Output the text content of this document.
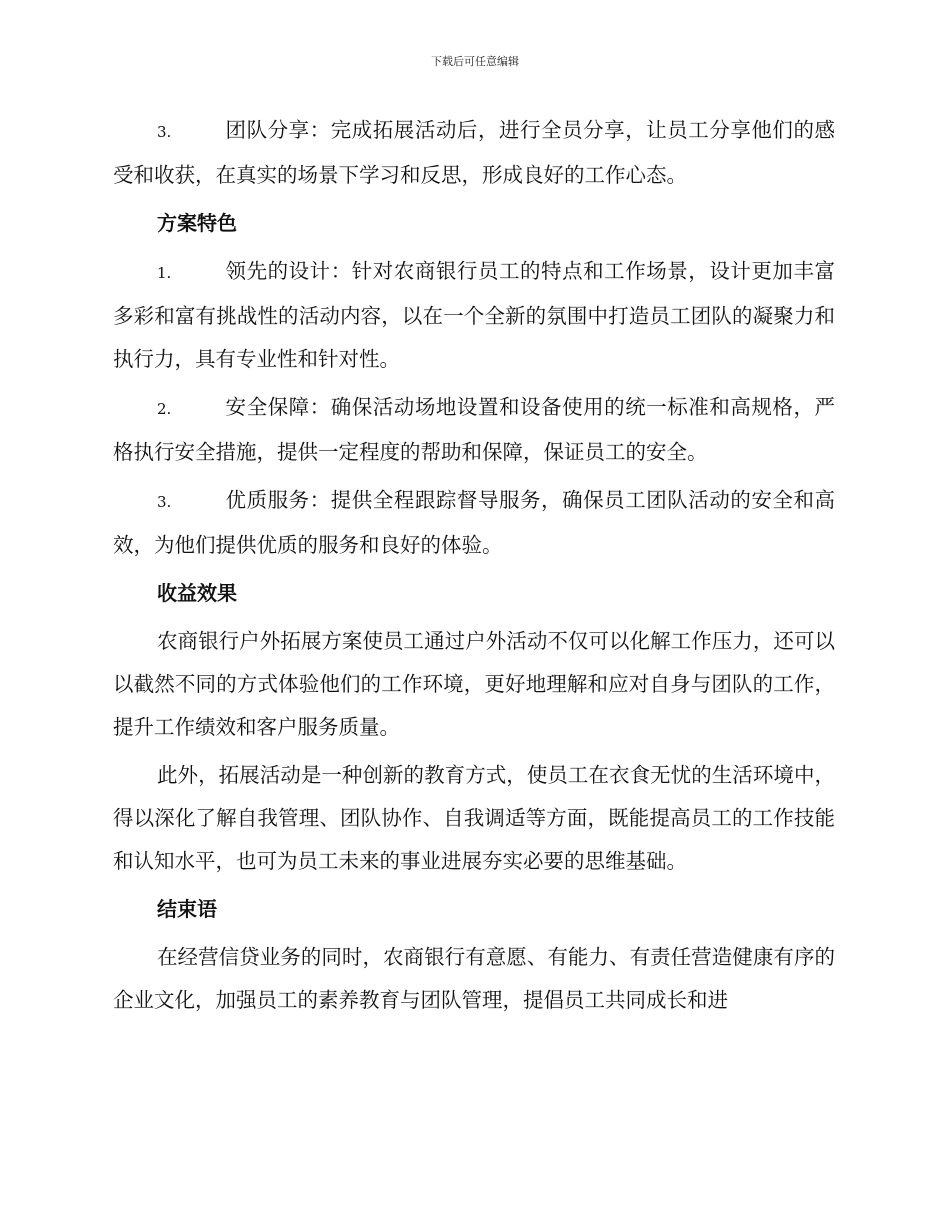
下载后可任意编辑
3.	团队分享：完成拓展活动后，进行全员分享，让员工分享他们的感受和收获，在真实的场景下学习和反思，形成良好的工作心态。
方案特色
1.	领先的设计：针对农商银行员工的特点和工作场景，设计更加丰富多彩和富有挑战性的活动内容，以在一个全新的氛围中打造员工团队的凝聚力和执行力，具有专业性和针对性。
2.	安全保障：确保活动场地设置和设备使用的统一标准和高规格，严格执行安全措施，提供一定程度的帮助和保障，保证员工的安全。
3.	优质服务：提供全程跟踪督导服务，确保员工团队活动的安全和高效，为他们提供优质的服务和良好的体验。
收益效果

农商银行户外拓展方案使员工通过户外活动不仅可以化解工作压力，还可以以截然不同的方式体验他们的工作环境，更好地理解和应对自身与团队的工作，提升工作绩效和客户服务质量。

此外，拓展活动是一种创新的教育方式，使员工在衣食无忧的生活环境中，得以深化了解自我管理、团队协作、自我调适等方面，既能提高员工的工作技能和认知水平，也可为员工未来的事业进展夯实必要的思维基础。

结束语

在经营信贷业务的同时，农商银行有意愿、有能力、有责任营造健康有序的企业文化，加强员工的素养教育与团队管理，提倡员工共同成长和进
